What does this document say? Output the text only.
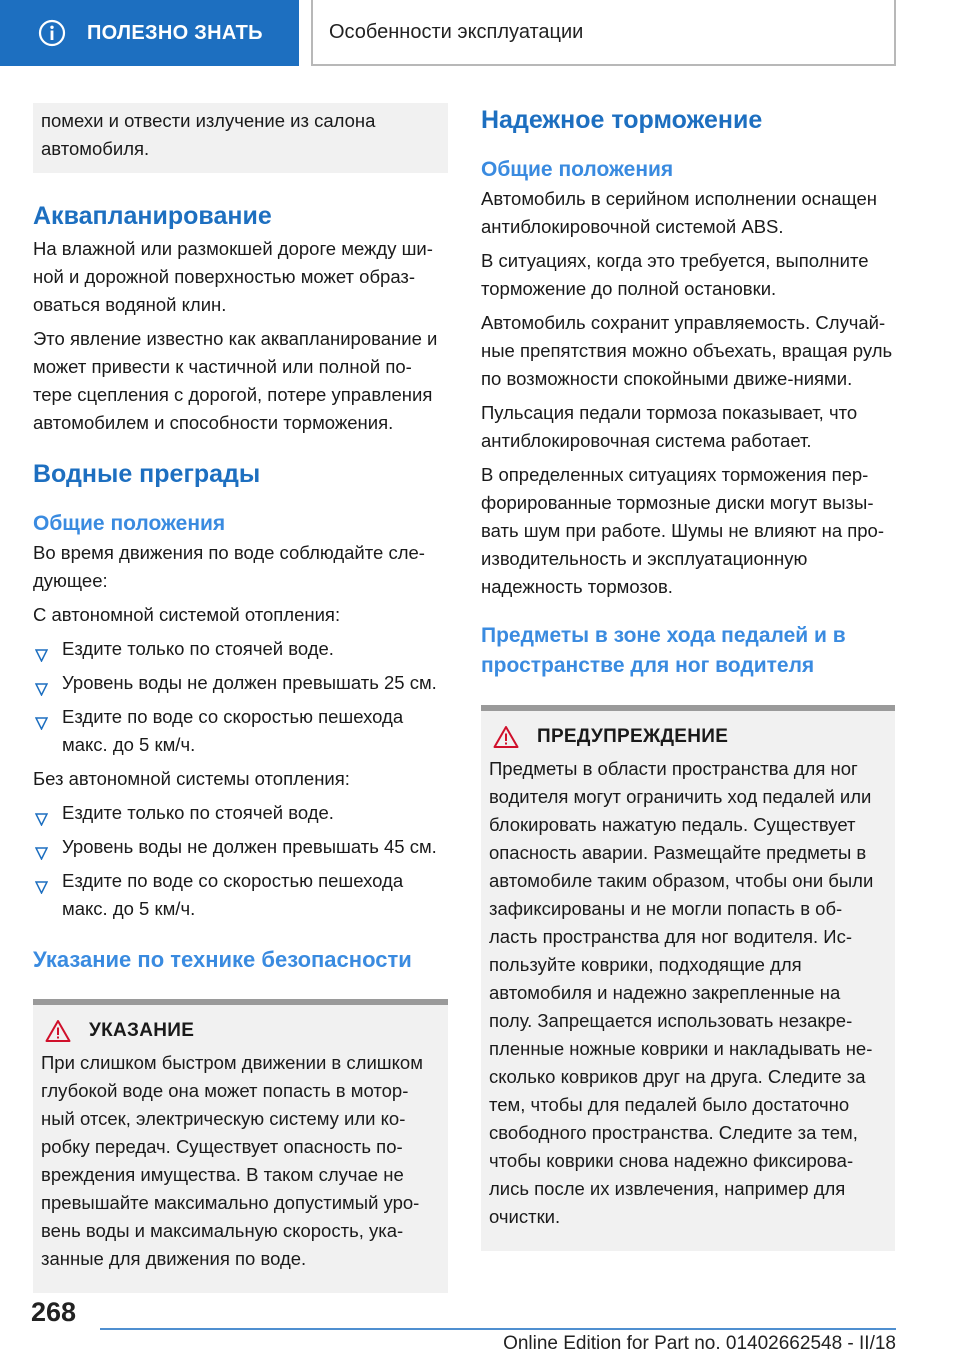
ПОЛЕЗНО ЗНАТЬ	Особенности эксплуатации

помехи и отвести излучение из салона автомобиля.

Аквапланирование

На влажной или размокшей дороге между ши-ной и дорожной поверхностью может образ-оваться водяной клин.

Это явление известно как аквапланирование и может привести к частичной или полной по-тере сцепления с дорогой, потере управления автомобилем и способности торможения.

Водные преграды
Общие положения

Во время движения по воде соблюдайте сле-дующее:

С автономной системой отопления:

Ездите только по стоячей воде.
Уровень воды не должен превышать 25 см.
Ездите по воде со скоростью пешехода макс. до 5 км/ч.

Без автономной системы отопления:

Ездите только по стоячей воде.
Уровень воды не должен превышать 45 см.
Ездите по воде со скоростью пешехода макс. до 5 км/ч.
Указание по технике безопасности
УКАЗАНИЕ

При слишком быстром движении в слишком глубокой воде она может попасть в мотор-ный отсек, электрическую систему или ко-робку передач. Существует опасность по-вреждения имущества. В таком случае не превышайте максимально допустимый уро-вень воды и максимальную скорость, ука-занные для движения по воде.

Надежное торможение
Общие положения

Автомобиль в серийном исполнении оснащен антиблокировочной системой ABS.

В ситуациях, когда это требуется, выполните торможение до полной остановки.

Автомобиль сохранит управляемость. Случай-ные препятствия можно объехать, вращая руль по возможности спокойными движе-ниями.

Пульсация педали тормоза показывает, что антиблокировочная система работает.

В определенных ситуациях торможения пер-форированные тормозные диски могут вызы-вать шум при работе. Шумы не влияют на про-изводительность и эксплуатационную надежность тормозов.

Предметы в зоне хода педалей и в пространстве для ног водителя
ПРЕДУПРЕЖДЕНИЕ

Предметы в области пространства для ног водителя могут ограничить ход педалей или блокировать нажатую педаль. Существует опасность аварии. Размещайте предметы в автомобиле таким образом, чтобы они были зафиксированы и не могли попасть в об-ласть пространства для ног водителя. Ис-пользуйте коврики, подходящие для автомобиля и надежно закрепленные на полу. Запрещается использовать незакре-пленные ножные коврики и накладывать не-сколько ковриков друг на друга. Следите за тем, чтобы для педалей было достаточно свободного пространства. Следите за тем, чтобы коврики снова надежно фиксирова-лись после их извлечения, например для очистки.

268
Online Edition for Part no. 01402662548 - II/18
